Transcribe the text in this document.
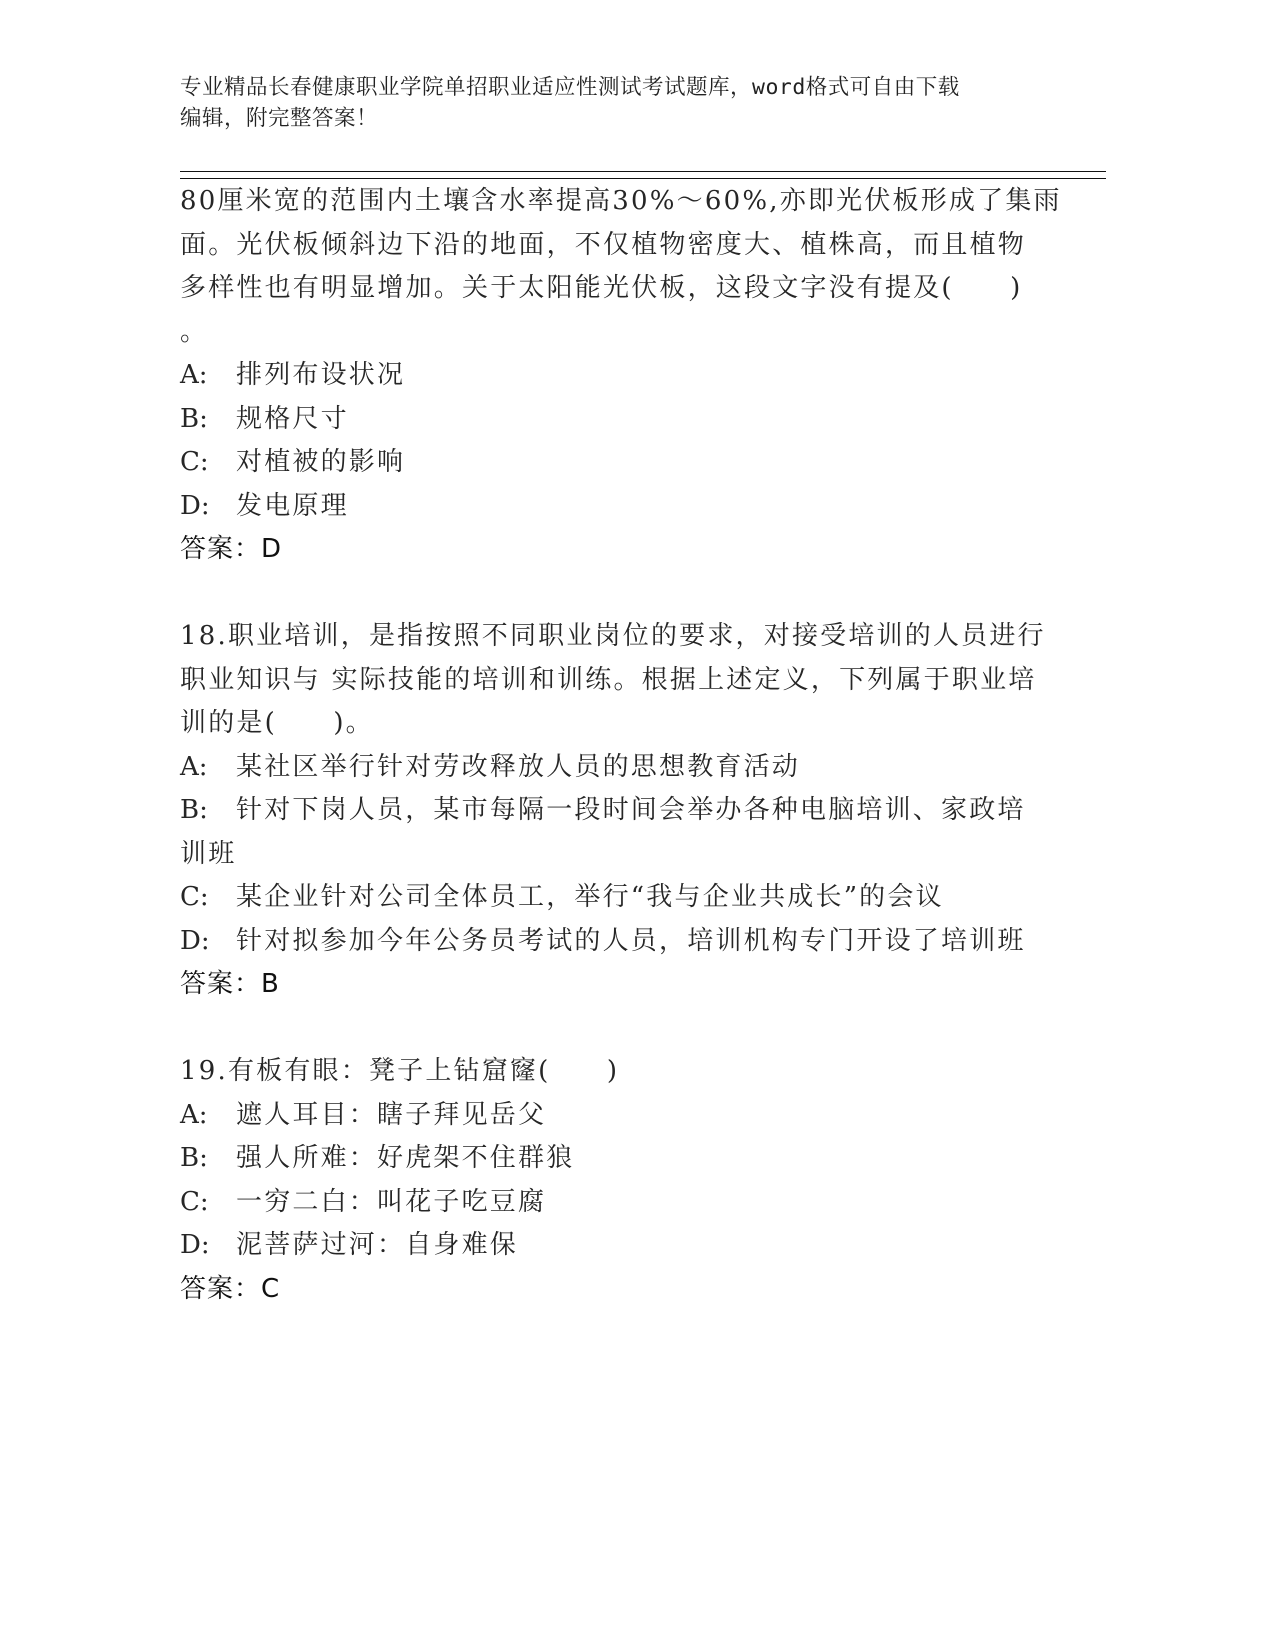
专业精品长春健康职业学院单招职业适应性测试考试题库，word格式可自由下载
编辑，附完整答案！
80厘米宽的范围内土壤含水率提高30%～60%,亦即光伏板形成了集雨
面。光伏板倾斜边下沿的地面，不仅植物密度大、植株高，而且植物
多样性也有明显增加。关于太阳能光伏板，这段文字没有提及(　　)
。
A: 排列布设状况
B: 规格尺寸
C: 对植被的影响
D: 发电原理
答案：D
18.职业培训，是指按照不同职业岗位的要求，对接受培训的人员进行
职业知识与 实际技能的培训和训练。根据上述定义，下列属于职业培
训的是(　　)。
A: 某社区举行针对劳改释放人员的思想教育活动
B: 针对下岗人员，某市每隔一段时间会举办各种电脑培训、家政培
训班
C: 某企业针对公司全体员工，举行“我与企业共成长”的会议
D: 针对拟参加今年公务员考试的人员，培训机构专门开设了培训班
答案：B
19.有板有眼：凳子上钻窟窿(　　)
A: 遮人耳目：瞎子拜见岳父
B: 强人所难：好虎架不住群狼
C: 一穷二白：叫花子吃豆腐
D: 泥菩萨过河：自身难保
答案：C
